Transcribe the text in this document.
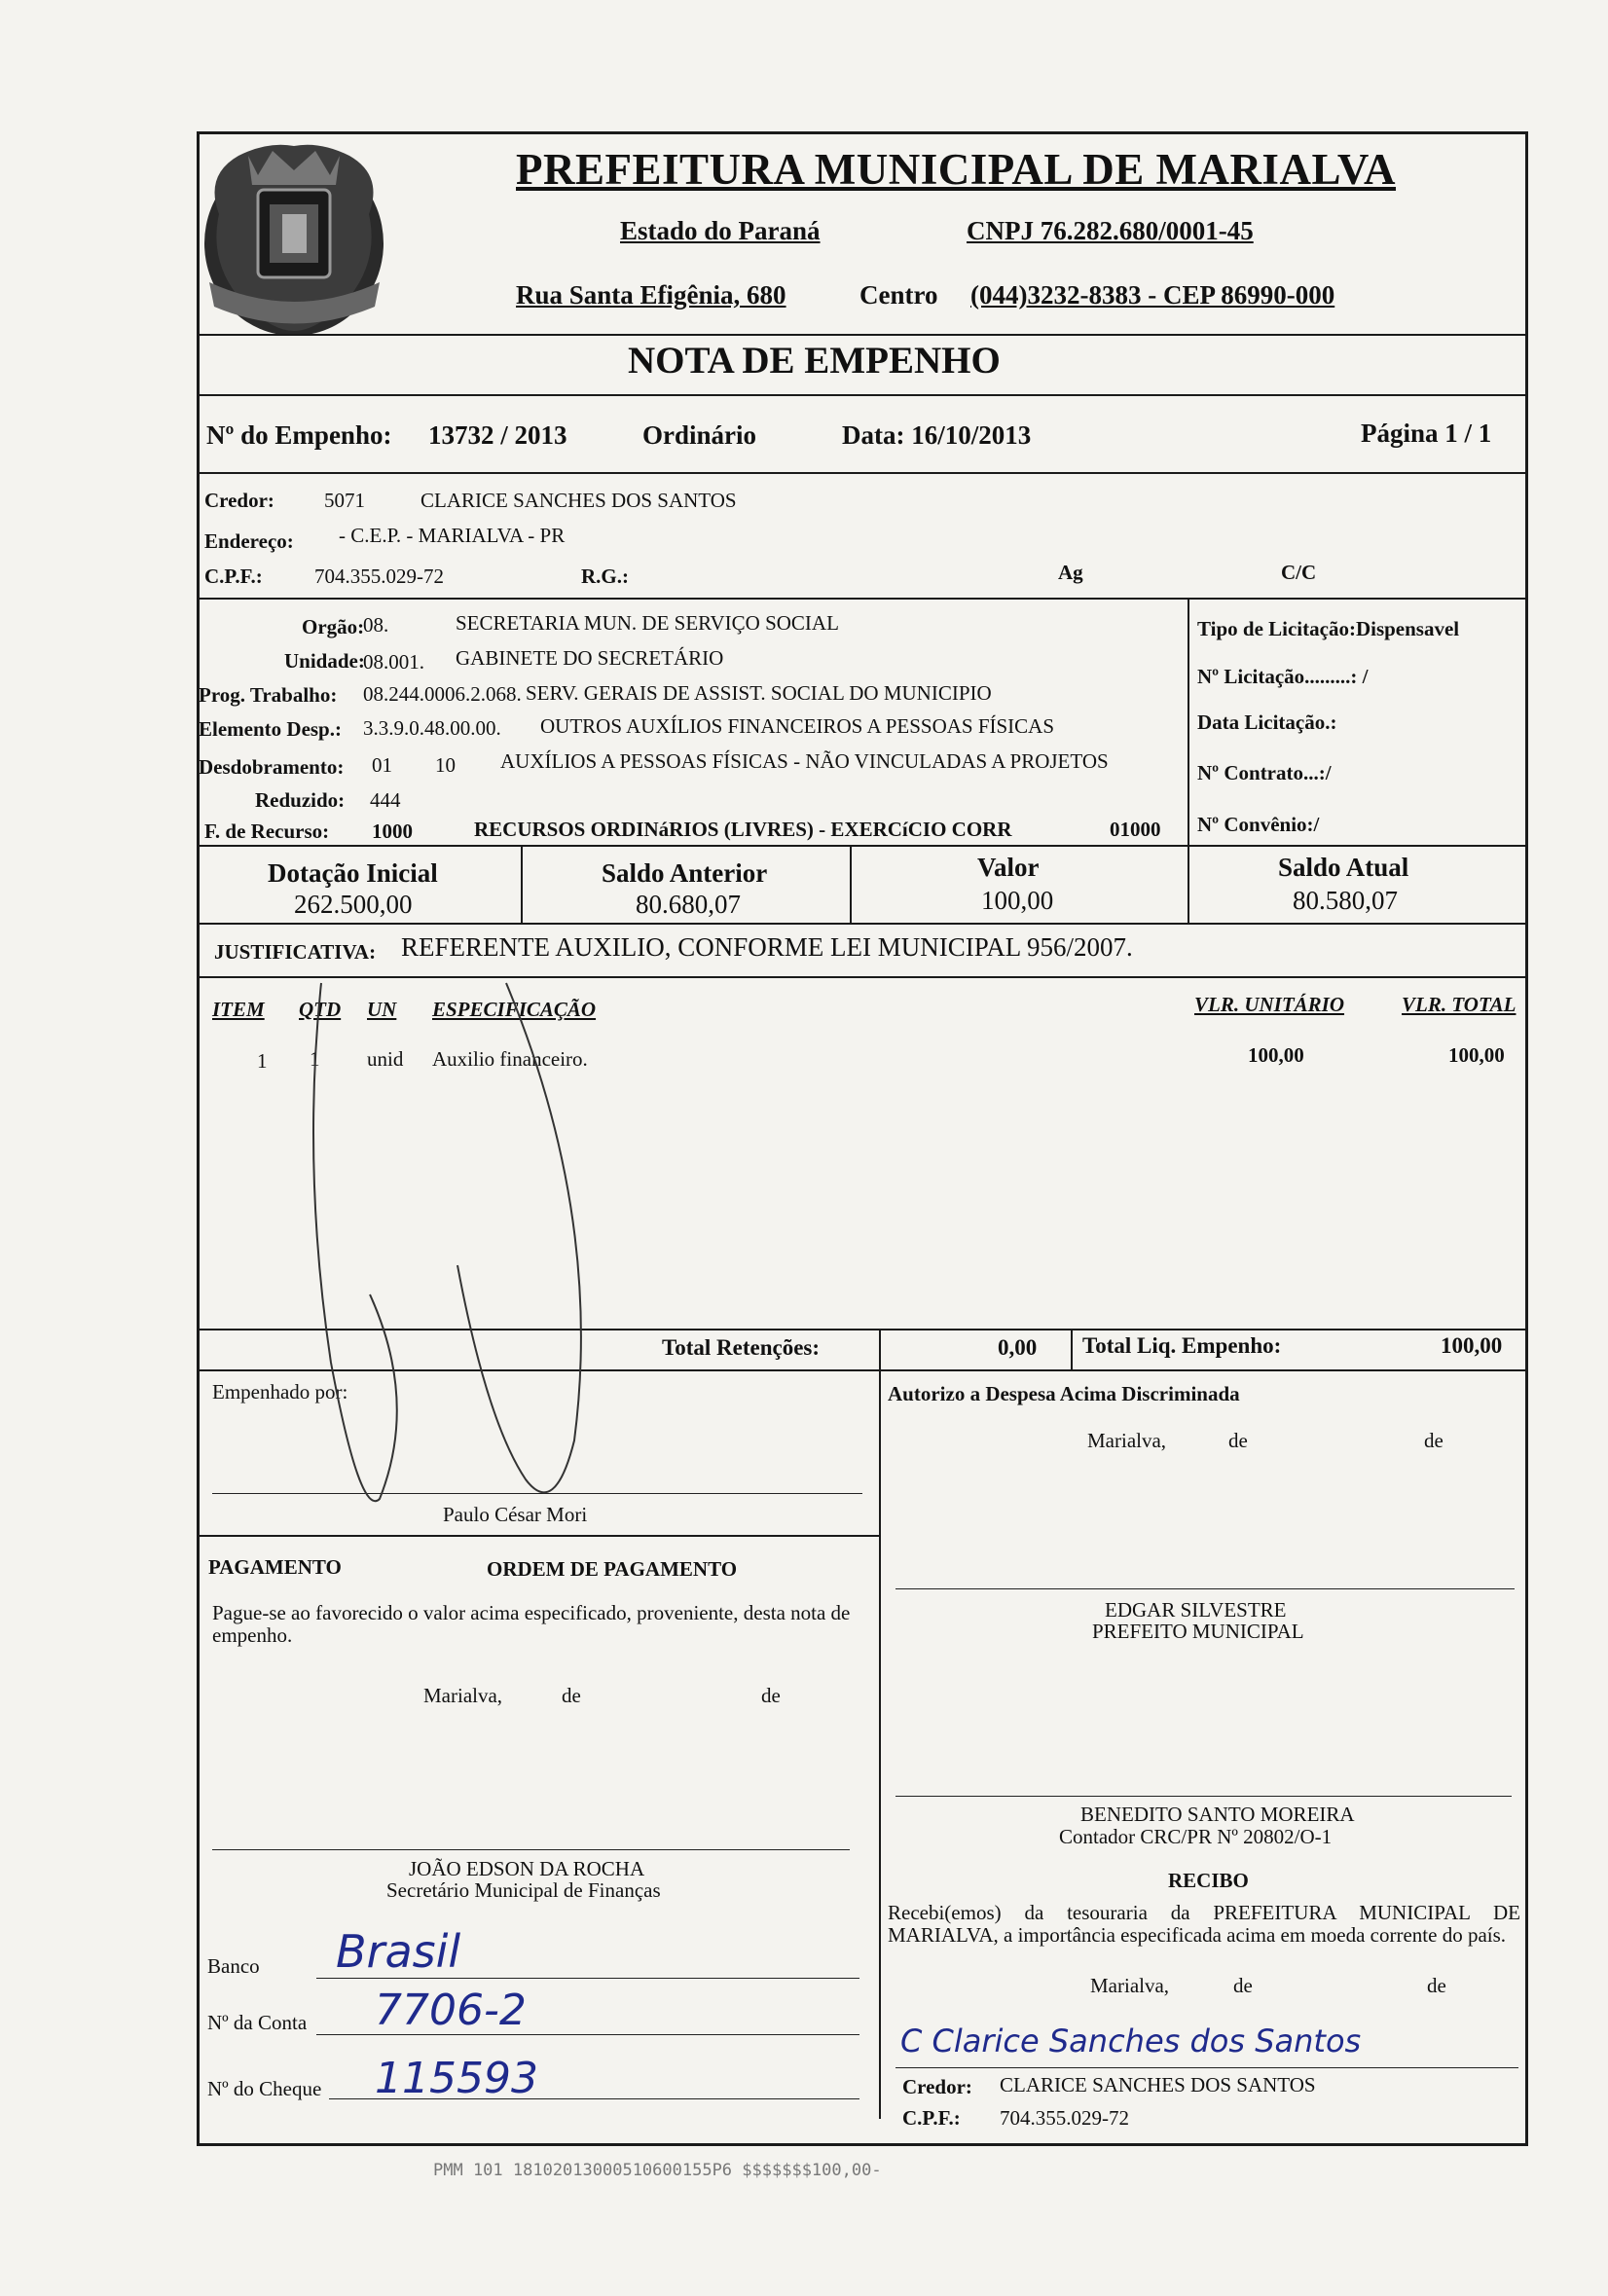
PREFEITURA MUNICIPAL DE MARIALVA
Estado do Paraná	CNPJ 76.282.680/0001-45
Rua Santa Efigênia, 680	Centro (044)3232-8383 - CEP 86990-000
NOTA DE EMPENHO
Nº do Empenho: 13732 / 2013	Ordinário	Data: 16/10/2013	Página 1 / 1
Credor: 5071	CLARICE SANCHES DOS SANTOS
Endereço: - C.E.P. - MARIALVA - PR
C.P.F.:	704.355.029-72	R.G.:	Ag	C/C
Orgão:
08.	SECRETARIA MUN. DE SERVIÇO SOCIAL
Unidade:
08.001. GABINETE DO SECRETÁRIO
Prog. Trabalho: 08.244.0006.2.068. SERV. GERAIS DE ASSIST. SOCIAL DO MUNICIPIO
Elemento Desp.: 3.3.9.0.48.00.00. OUTROS AUXÍLIOS FINANCEIROS A PESSOAS FÍSICAS
Desdobramento: 01 10 AUXÍLIOS A PESSOAS FÍSICAS - NÃO VINCULADAS A PROJETOS
Reduzido: 444
F. de Recurso: 1000	RECURSOS ORDINáRIOS (LIVRES) - EXERCíCIO CORR	01000
Tipo de Licitação:Dispensavel
Nº Licitação.........: /
Data Licitação.:
Nº Contrato...:/
Nº Convênio:/
Dotação Inicial
262.500,00
Saldo Anterior
80.680,07
Valor
100,00
Saldo Atual
80.580,07
JUSTIFICATIVA: REFERENTE AUXILIO, CONFORME LEI MUNICIPAL 956/2007.
ITEM QTD UN ESPECIFICAÇÃO	VLR. UNITÁRIO	VLR. TOTAL
1 1 unid Auxilio financeiro.	100,00	100,00
Total Retenções:	0,00 Total Liq. Empenho:	100,00
Empenhado por:
Paulo César Mori
Autorizo a Despesa Acima Discriminada
Marialva,	de	de
EDGAR SILVESTRE
PREFEITO MUNICIPAL
PAGAMENTO	ORDEM DE PAGAMENTO
Pague-se ao favorecido o valor acima especificado, proveniente, desta nota de empenho.
Marialva,	de	de
BENEDITO SANTO MOREIRA
Contador CRC/PR Nº 20802/O-1
JOÃO EDSON DA ROCHA
Secretário Municipal de Finanças
Banco Brasil
Nº da Conta 7706-2
Nº do Cheque 115593
RECIBO
Recebi(emos) da tesouraria da PREFEITURA MUNICIPAL DE MARIALVA, a importância especificada acima em moeda corrente do país.
Marialva,	de	de
C Clarice Sanches dos Santos
Credor: CLARICE SANCHES DOS SANTOS
C.P.F.: 704.355.029-72
PMM 101 18102013000510600155P6 $$$$$$$100,00-
